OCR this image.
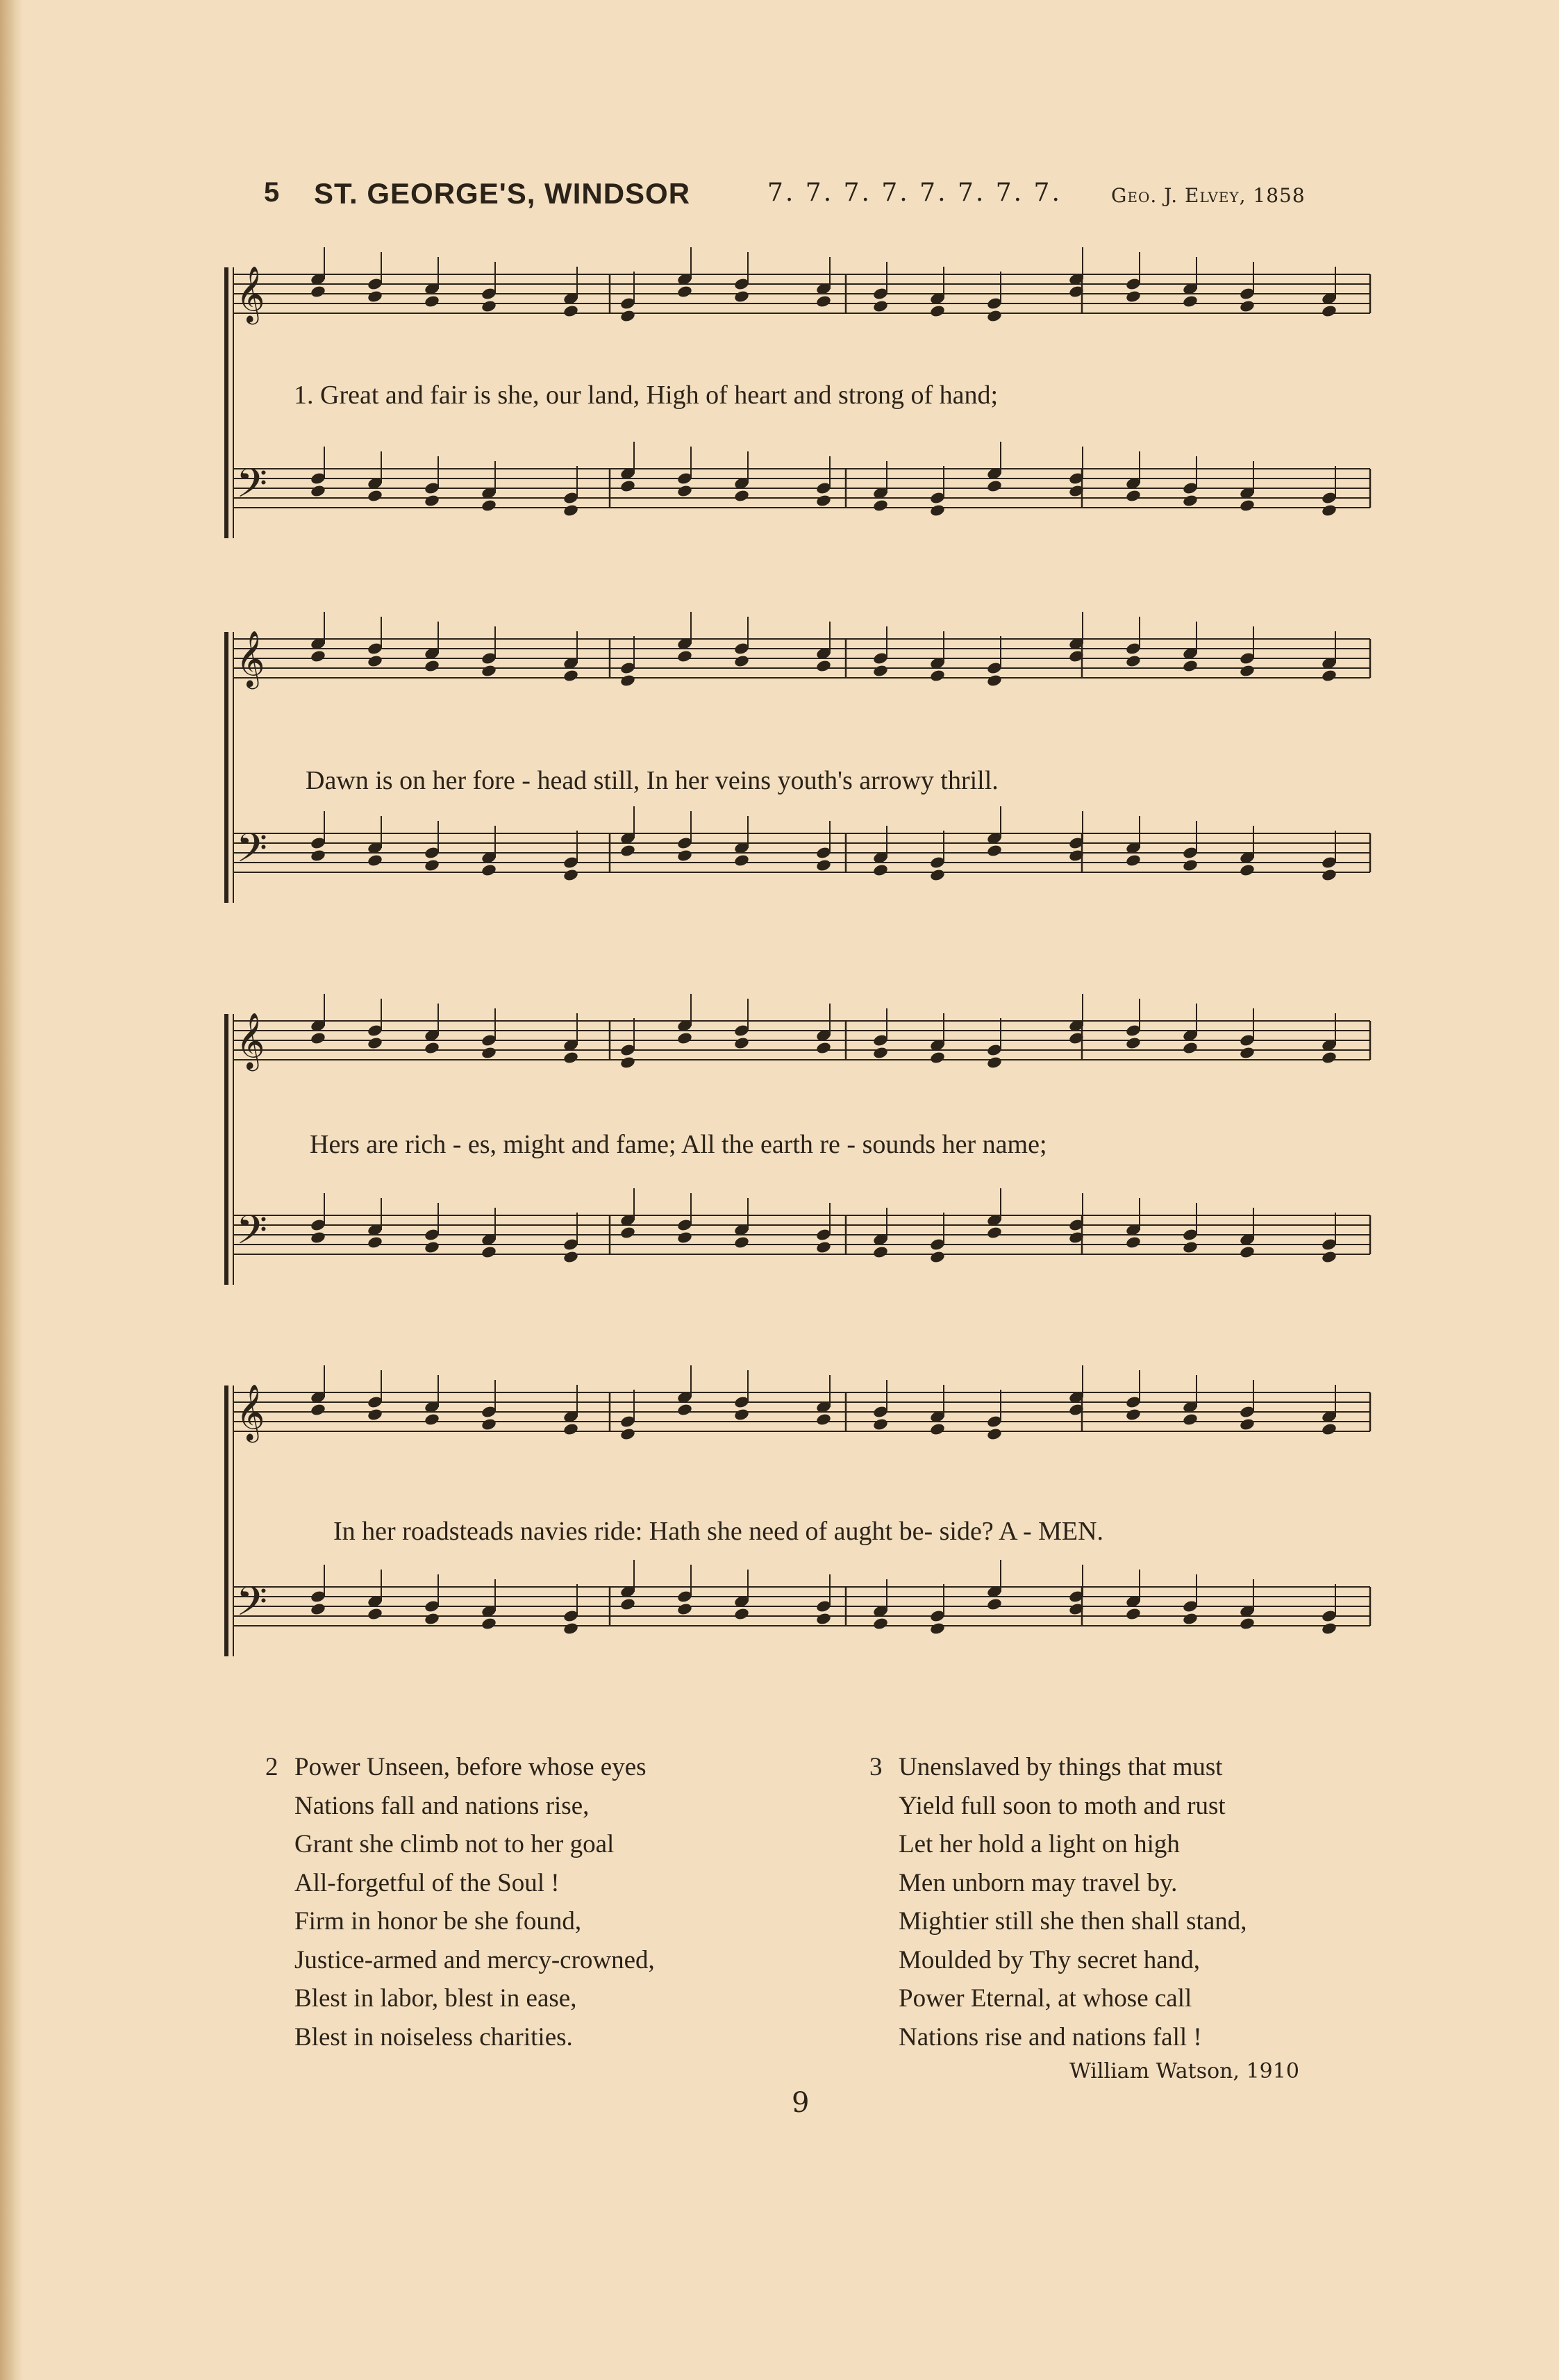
5 ST. GEORGE'S, WINDSOR	7. 7. 7. 7. 7. 7. 7. 7.	Geo. J. Elvey, 1858
𝄞
𝄢
1. Great and fair is she, our land, High of heart and strong of hand;
𝄞
𝄢
Dawn is on her fore - head still, In her veins youth's arrowy thrill.
𝄞
𝄢
Hers are rich - es, might and fame; All the earth re - sounds her name;
𝄞
𝄢
In her roadsteads navies ride: Hath she need of aught be- side? A - MEN.
2 Power Unseen, before whose eyes
Nations fall and nations rise,
Grant she climb not to her goal
All-forgetful of the Soul !
Firm in honor be she found,
Justice-armed and mercy-crowned,
Blest in labor, blest in ease,
Blest in noiseless charities.
3 Unenslaved by things that must
Yield full soon to moth and rust
Let her hold a light on high
Men unborn may travel by.
Mightier still she then shall stand,
Moulded by Thy secret hand,
Power Eternal, at whose call
Nations rise and nations fall !
William Watson, 1910
9
